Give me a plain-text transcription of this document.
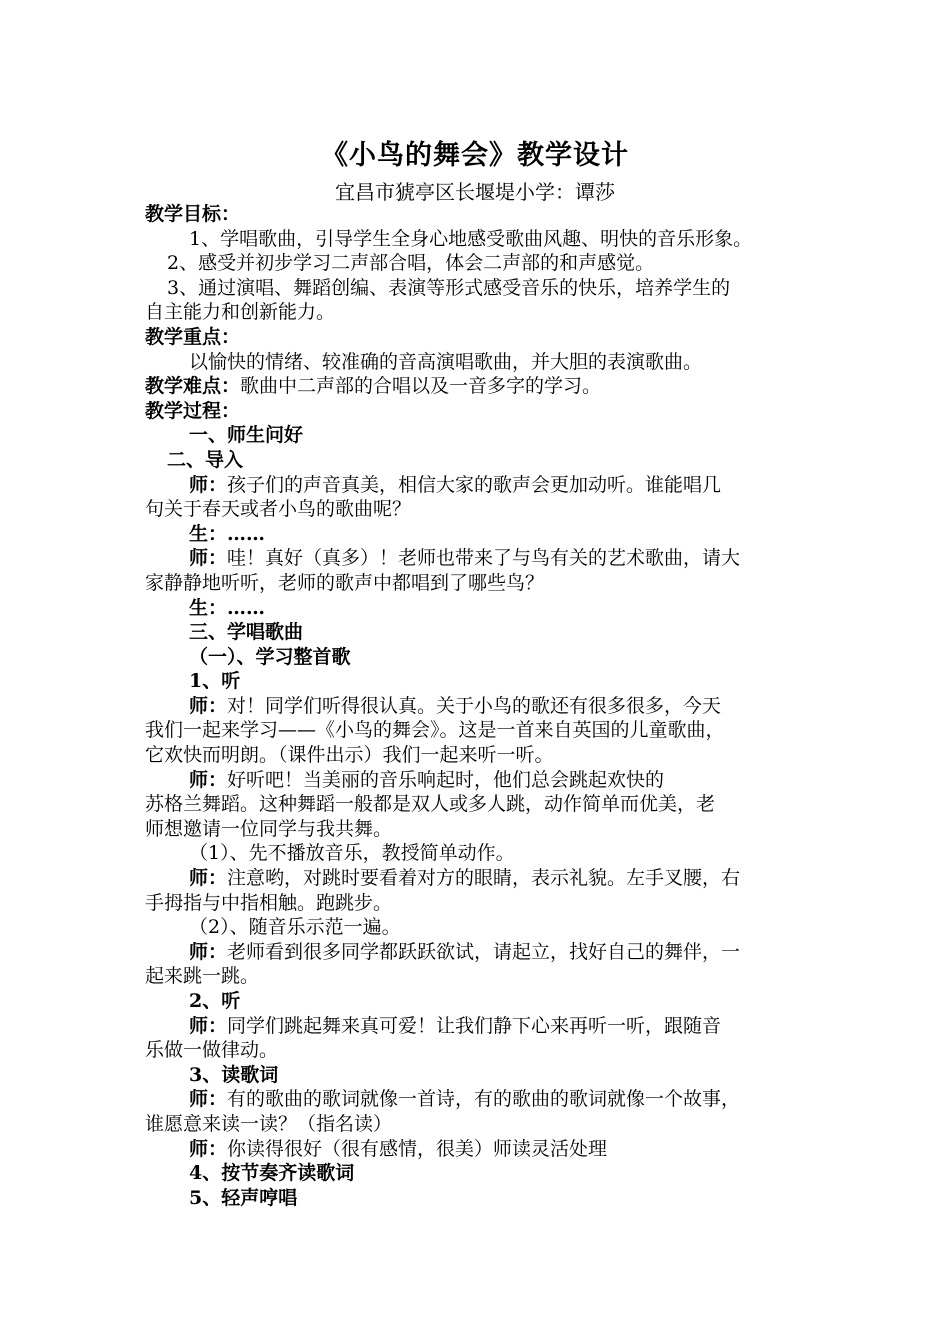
《小鸟的舞会》教学设计
宜昌市猇亭区长堰堤小学：谭莎
教学目标：
1、学唱歌曲，引导学生全身心地感受歌曲风趣、明快的音乐形象。
2、感受并初步学习二声部合唱，体会二声部的和声感觉。
3、通过演唱、舞蹈创编、表演等形式感受音乐的快乐，培养学生的
自主能力和创新能力。
教学重点：
以愉快的情绪、较准确的音高演唱歌曲，并大胆的表演歌曲。
教学难点：歌曲中二声部的合唱以及一音多字的学习。
教学过程：
一、师生问好
二、导入
师：孩子们的声音真美，相信大家的歌声会更加动听。谁能唱几
句关于春天或者小鸟的歌曲呢？
生：……
师：哇！真好（真多）！老师也带来了与鸟有关的艺术歌曲，请大
家静静地听听，老师的歌声中都唱到了哪些鸟？
生：……
三、学唱歌曲
（一）、学习整首歌
1、听
师：对！同学们听得很认真。关于小鸟的歌还有很多很多，今天
我们一起来学习——《小鸟的舞会》。这是一首来自英国的儿童歌曲，
它欢快而明朗。（课件出示）我们一起来听一听。
师：好听吧！当美丽的音乐响起时，他们总会跳起欢快的
苏格兰舞蹈。这种舞蹈一般都是双人或多人跳，动作简单而优美，老
师想邀请一位同学与我共舞。
（1）、先不播放音乐，教授简单动作。
师：注意哟，对跳时要看着对方的眼睛，表示礼貌。左手叉腰，右
手拇指与中指相触。跑跳步。
（2）、随音乐示范一遍。
师：老师看到很多同学都跃跃欲试，请起立，找好自己的舞伴，一
起来跳一跳。
2、听
师：同学们跳起舞来真可爱！让我们静下心来再听一听，跟随音
乐做一做律动。
3、读歌词
师：有的歌曲的歌词就像一首诗，有的歌曲的歌词就像一个故事，
谁愿意来读一读？（指名读）
师：你读得很好（很有感情，很美）师读灵活处理
4、按节奏齐读歌词
5、轻声哼唱
